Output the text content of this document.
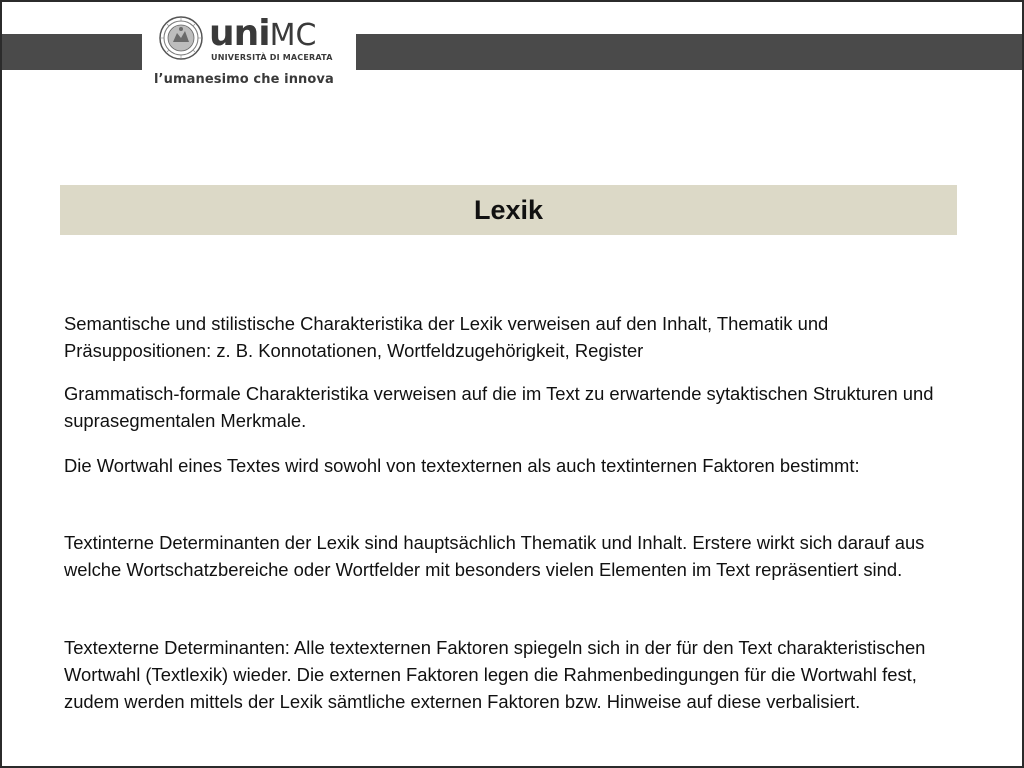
uniMC
UNIVERSITÀ DI MACERATA
l’umanesimo che innova
Lexik

Semantische und stilistische Charakteristika der Lexik verweisen auf den Inhalt, Thematik und Präsuppositionen: z. B. Konnotationen, Wortfeldzugehörigkeit, Register

Grammatisch-formale Charakteristika verweisen auf die im Text zu erwartende sytaktischen Strukturen und suprasegmentalen Merkmale.

Die Wortwahl eines Textes wird sowohl von textexternen als auch textinternen Faktoren bestimmt:

Textinterne Determinanten der Lexik sind hauptsächlich Thematik und Inhalt. Erstere wirkt sich darauf aus welche Wortschatzbereiche oder Wortfelder mit besonders vielen Elementen im Text repräsentiert sind.

Textexterne Determinanten: Alle textexternen Faktoren spiegeln sich in der für den Text charakteristischen Wortwahl (Textlexik) wieder. Die externen Faktoren legen die Rahmenbedingungen für die Wortwahl fest, zudem werden mittels der Lexik sämtliche externen Faktoren bzw. Hinweise auf diese verbalisiert.
